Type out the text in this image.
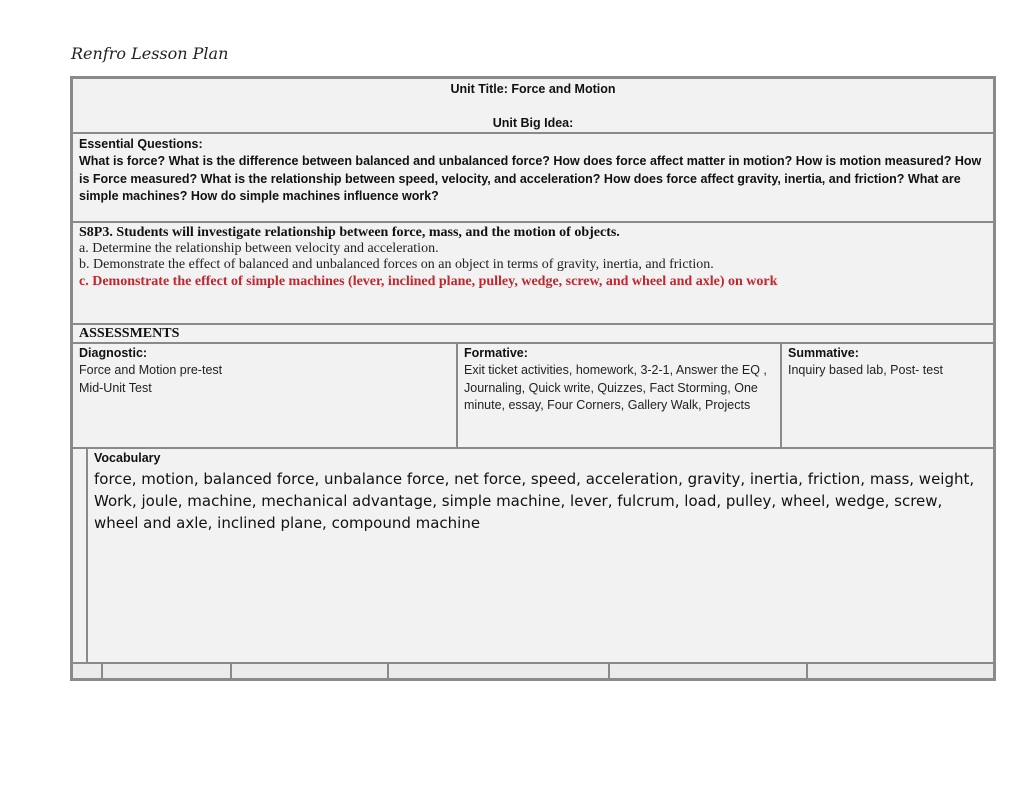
Renfro Lesson Plan
Unit Title: Force and Motion
Unit Big Idea:
Essential Questions:
What is force? What is the difference between balanced and unbalanced force? How does force affect matter in motion? How is motion measured? How is Force measured? What is the relationship between speed, velocity, and acceleration? How does force affect gravity, inertia, and friction? What are simple machines? How do simple machines influence work?
S8P3. Students will investigate relationship between force, mass, and the motion of objects.
a. Determine the relationship between velocity and acceleration.
b. Demonstrate the effect of balanced and unbalanced forces on an object in terms of gravity, inertia, and friction.
c. Demonstrate the effect of simple machines (lever, inclined plane, pulley, wedge, screw, and wheel and axle) on work
ASSESSMENTS
Diagnostic:
Force and Motion pre-test
Mid-Unit Test
Formative:
Exit ticket activities, homework, 3-2-1, Answer the EQ , Journaling, Quick write, Quizzes, Fact Storming, One minute, essay, Four Corners, Gallery Walk, Projects
Summative:
Inquiry based lab, Post- test
Vocabulary
force, motion, balanced force, unbalance force, net force, speed, acceleration, gravity, inertia, friction, mass, weight, Work, joule, machine, mechanical advantage, simple machine, lever, fulcrum, load, pulley, wheel, wedge, screw, wheel and axle, inclined plane, compound machine
